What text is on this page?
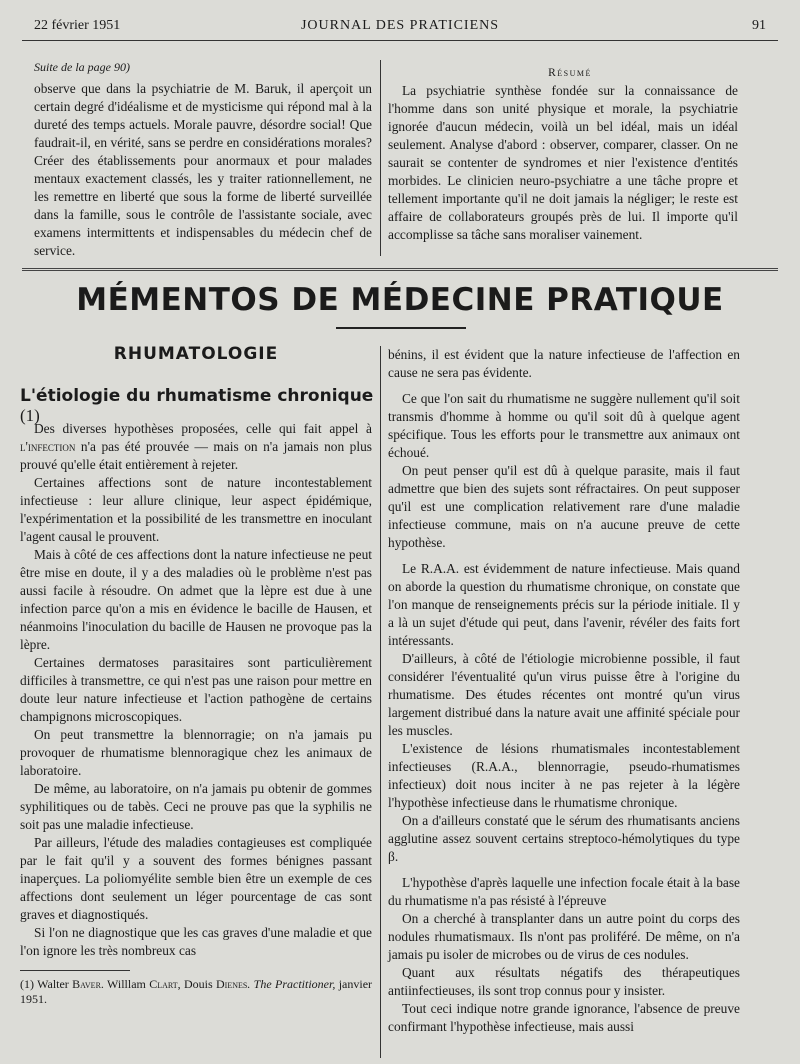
22 février 1951	JOURNAL DES PRATICIENS	91

Suite de la page 90)

observe que dans la psychiatrie de M. Baruk, il aperçoit un certain degré d'idéalisme et de mysticisme qui répond mal à la dureté des temps actuels. Morale pauvre, désordre social! Que faudrait-il, en vérité, sans se perdre en considérations morales? Créer des établissements pour anormaux et pour malades mentaux exactement classés, les y traiter rationnellement, ne les remettre en liberté que sous la forme de liberté surveillée dans la famille, sous le contrôle de l'assistante sociale, avec examens intermittents et indispensables du médecin chef de service.

Résumé

La psychiatrie synthèse fondée sur la connaissance de l'homme dans son unité physique et morale, la psychiatrie ignorée d'aucun médecin, voilà un bel idéal, mais un idéal seulement. Analyse d'abord : observer, comparer, classer. On ne saurait se contenter de syndromes et nier l'existence d'entités morbides. Le clinicien neuro-psychiatre a une tâche propre et tellement importante qu'il ne doit jamais la négliger; le reste est affaire de collaborateurs groupés près de lui. Il importe qu'il accomplisse sa tâche sans moraliser vainement.

MÉMENTOS DE MÉDECINE PRATIQUE
RHUMATOLOGIE
L'étiologie du rhumatisme chronique (1)

Des diverses hypothèses proposées, celle qui fait appel à l'infection n'a pas été prouvée — mais on n'a jamais non plus prouvé qu'elle était entièrement à rejeter.

Certaines affections sont de nature incontestablement infectieuse : leur allure clinique, leur aspect épidémique, l'expérimentation et la possibilité de les transmettre en inoculant l'agent causal le prouvent.

Mais à côté de ces affections dont la nature infectieuse ne peut être mise en doute, il y a des maladies où le problème n'est pas aussi facile à résoudre. On admet que la lèpre est due à une infection parce qu'on a mis en évidence le bacille de Hausen, et néanmoins l'inoculation du bacille de Hausen ne provoque pas la lèpre.

Certaines dermatoses parasitaires sont particulièrement difficiles à transmettre, ce qui n'est pas une raison pour mettre en doute leur nature infectieuse et l'action pathogène de certains champignons microscopiques.

On peut transmettre la blennorragie; on n'a jamais pu provoquer de rhumatisme blennoragique chez les animaux de laboratoire.

De même, au laboratoire, on n'a jamais pu obtenir de gommes syphilitiques ou de tabès. Ceci ne prouve pas que la syphilis ne soit pas une maladie infectieuse.

Par ailleurs, l'étude des maladies contagieuses est compliquée par le fait qu'il y a souvent des formes bénignes passant inaperçues. La poliomyélite semble bien être un exemple de ces affections dont seulement un léger pourcentage de cas sont graves et diagnostiqués.

Si l'on ne diagnostique que les cas graves d'une maladie et que l'on ignore les très nombreux cas

(1) Walter Baver. Willlam Clart, Douis Dienes. The Practitioner, janvier 1951.

bénins, il est évident que la nature infectieuse de l'affection en cause ne sera pas évidente.

Ce que l'on sait du rhumatisme ne suggère nullement qu'il soit transmis d'homme à homme ou qu'il soit dû à quelque agent spécifique. Tous les efforts pour le transmettre aux animaux ont échoué.

On peut penser qu'il est dû à quelque parasite, mais il faut admettre que bien des sujets sont réfractaires. On peut supposer qu'il est une complication relativement rare d'une maladie infectieuse commune, mais on n'a aucune preuve de cette hypothèse.

Le R.A.A. est évidemment de nature infectieuse. Mais quand on aborde la question du rhumatisme chronique, on constate que l'on manque de renseignements précis sur la période initiale. Il y a là un sujet d'étude qui peut, dans l'avenir, révéler des faits fort intéressants.

D'ailleurs, à côté de l'étiologie microbienne possible, il faut considérer l'éventualité qu'un virus puisse être à l'origine du rhumatisme. Des études récentes ont montré qu'un virus largement distribué dans la nature avait une affinité spéciale pour les muscles.

L'existence de lésions rhumatismales incontestablement infectieuses (R.A.A., blennorragie, pseudo-rhumatismes infectieux) doit nous inciter à ne pas rejeter à la légère l'hypothèse infectieuse dans le rhumatisme chronique.

On a d'ailleurs constaté que le sérum des rhumatisants anciens agglutine assez souvent certains streptoco-hémolytiques du type β.

L'hypothèse d'après laquelle une infection focale était à la base du rhumatisme n'a pas résisté à l'épreuve

On a cherché à transplanter dans un autre point du corps des nodules rhumatismaux. Ils n'ont pas proliféré. De même, on n'a jamais pu isoler de microbes ou de virus de ces nodules.

Quant aux résultats négatifs des thérapeutiques antiinfectieuses, ils sont trop connus pour y insister.

Tout ceci indique notre grande ignorance, l'absence de preuve confirmant l'hypothèse infectieuse, mais aussi
